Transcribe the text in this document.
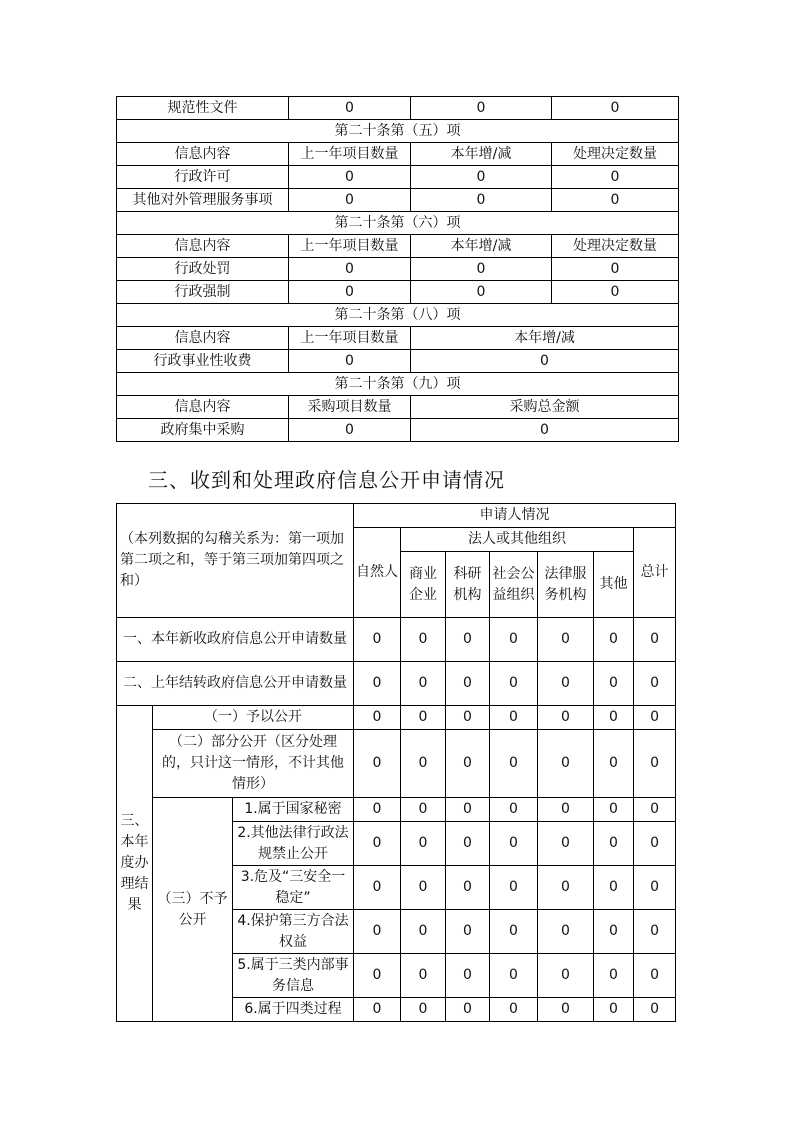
规范性文件	0	0	0
第二十条第（五）项			
信息内容	上一年项目数量	本年增/减	处理决定数量
行政许可	0	0	0
其他对外管理服务事项	0	0	0
第二十条第（六）项			
信息内容	上一年项目数量	本年增/减	处理决定数量
行政处罚	0	0	0
行政强制	0	0	0
第二十条第（八）项			
信息内容	上一年项目数量	本年增/减	
行政事业性收费	0	0	
第二十条第（九）项			
信息内容	采购项目数量	采购总金额	
政府集中采购	0	0	
三、收到和处理政府信息公开申请情况
（本列数据的勾稽关系为：第一项加第二项之和，等于第三项加第四项之和）			申请人情况						
			自然人	法人或其他组织					总计
				商业企业	科研机构	社会公益组织	法律服务机构	其他	
一、本年新收政府信息公开申请数量			0	0	0	0	0	0	0
二、上年结转政府信息公开申请数量			0	0	0	0	0	0	0
三、本年度办理结果	（一）予以公开		0	0	0	0	0	0	0
	（二）部分公开（区分处理的，只计这一情形，不计其他情形）		0	0	0	0	0	0	0
	（三）不予公开	1.属于国家秘密	0	0	0	0	0	0	0
		2.其他法律行政法规禁止公开	0	0	0	0	0	0	0
		3.危及“三安全一稳定”	0	0	0	0	0	0	0
		4.保护第三方合法权益	0	0	0	0	0	0	0
		5.属于三类内部事务信息	0	0	0	0	0	0	0
		6.属于四类过程	0	0	0	0	0	0	0
